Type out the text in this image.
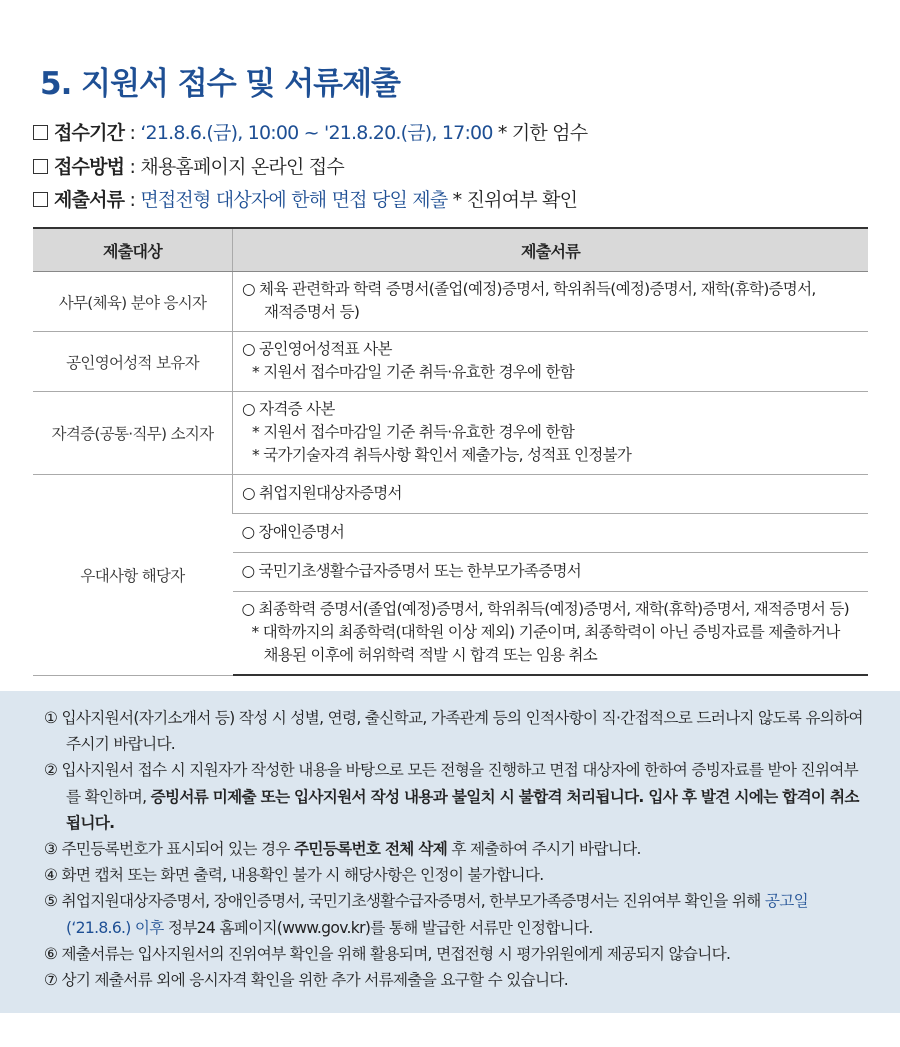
5. 지원서 접수 및 서류제출
접수기간 : ‘21.8.6.(금), 10:00 ~ '21.8.20.(금), 17:00 * 기한 엄수
접수방법 : 채용홈페이지 온라인 접수
제출서류 : 면접전형 대상자에 한해 면접 당일 제출 * 진위여부 확인
제출대상	제출서류
사무(체육) 분야 응시자	○ 체육 관련학과 학력 증명서(졸업(예정)증명서, 학위취득(예정)증명서, 재학(휴학)증명서,
재적증명서 등)

공인영어성적 보유자	○ 공인영어성적표 사본
* 지원서 접수마감일 기준 취득·유효한 경우에 한함

자격증(공통·직무) 소지자	○ 자격증 사본
* 지원서 접수마감일 기준 취득·유효한 경우에 한함
* 국가기술자격 취득사항 확인서 제출가능, 성적표 인정불가

우대사항 해당자	○ 취업지원대상자증명서

	○ 장애인증명서

	○ 국민기초생활수급자증명서 또는 한부모가족증명서

	○ 최종학력 증명서(졸업(예정)증명서, 학위취득(예정)증명서, 재학(휴학)증명서, 재적증명서 등)
* 대학까지의 최종학력(대학원 이상 제외) 기준이며, 최종학력이 아닌 증빙자료를 제출하거나
채용된 이후에 허위학력 적발 시 합격 또는 임용 취소
① 입사지원서(자기소개서 등) 작성 시 성별, 연령, 출신학교, 가족관계 등의 인적사항이 직·간접적으로 드러나지 않도록 유의하여 주시기 바랍니다.
② 입사지원서 접수 시 지원자가 작성한 내용을 바탕으로 모든 전형을 진행하고 면접 대상자에 한하여 증빙자료를 받아 진위여부를 확인하며, 증빙서류 미제출 또는 입사지원서 작성 내용과 불일치 시 불합격 처리됩니다. 입사 후 발견 시에는 합격이 취소됩니다.
③ 주민등록번호가 표시되어 있는 경우 주민등록번호 전체 삭제 후 제출하여 주시기 바랍니다.
④ 화면 캡처 또는 화면 출력, 내용확인 불가 시 해당사항은 인정이 불가합니다.
⑤ 취업지원대상자증명서, 장애인증명서, 국민기초생활수급자증명서, 한부모가족증명서는 진위여부 확인을 위해 공고일(‘21.8.6.) 이후 정부24 홈페이지(www.gov.kr)를 통해 발급한 서류만 인정합니다.
⑥ 제출서류는 입사지원서의 진위여부 확인을 위해 활용되며, 면접전형 시 평가위원에게 제공되지 않습니다.
⑦ 상기 제출서류 외에 응시자격 확인을 위한 추가 서류제출을 요구할 수 있습니다.
